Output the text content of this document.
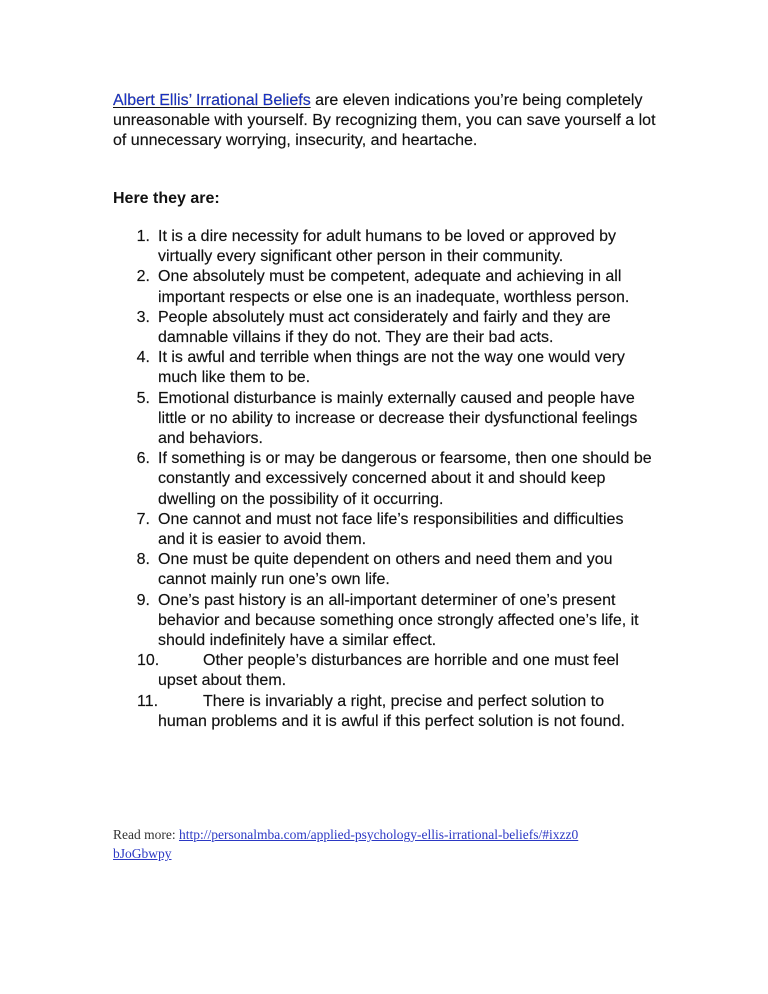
Albert Ellis’ Irrational Beliefs are eleven indications you’re being completely unreasonable with yourself. By recognizing them, you can save yourself a lot of unnecessary worrying, insecurity, and heartache.

Here they are:

1. It is a dire necessity for adult humans to be loved or approved by virtually every significant other person in their community.
2. One absolutely must be competent, adequate and achieving in all important respects or else one is an inadequate, worthless person.
3. People absolutely must act considerately and fairly and they are damnable villains if they do not. They are their bad acts.
4. It is awful and terrible when things are not the way one would very much like them to be.
5. Emotional disturbance is mainly externally caused and people have little or no ability to increase or decrease their dysfunctional feelings and behaviors.
6. If something is or may be dangerous or fearsome, then one should be constantly and excessively concerned about it and should keep dwelling on the possibility of it occurring.
7. One cannot and must not face life’s responsibilities and difficulties and it is easier to avoid them.
8. One must be quite dependent on others and need them and you cannot mainly run one’s own life.
9. One’s past history is an all-important determiner of one’s present behavior and because something once strongly affected one’s life, it should indefinitely have a similar effect.
10.	Other people’s disturbances are horrible and one must feel upset about them.
11.	There is invariably a right, precise and perfect solution to human problems and it is awful if this perfect solution is not found.

Read more: http://personalmba.com/applied-psychology-ellis-irrational-beliefs/#ixzz0bJoGbwpy
